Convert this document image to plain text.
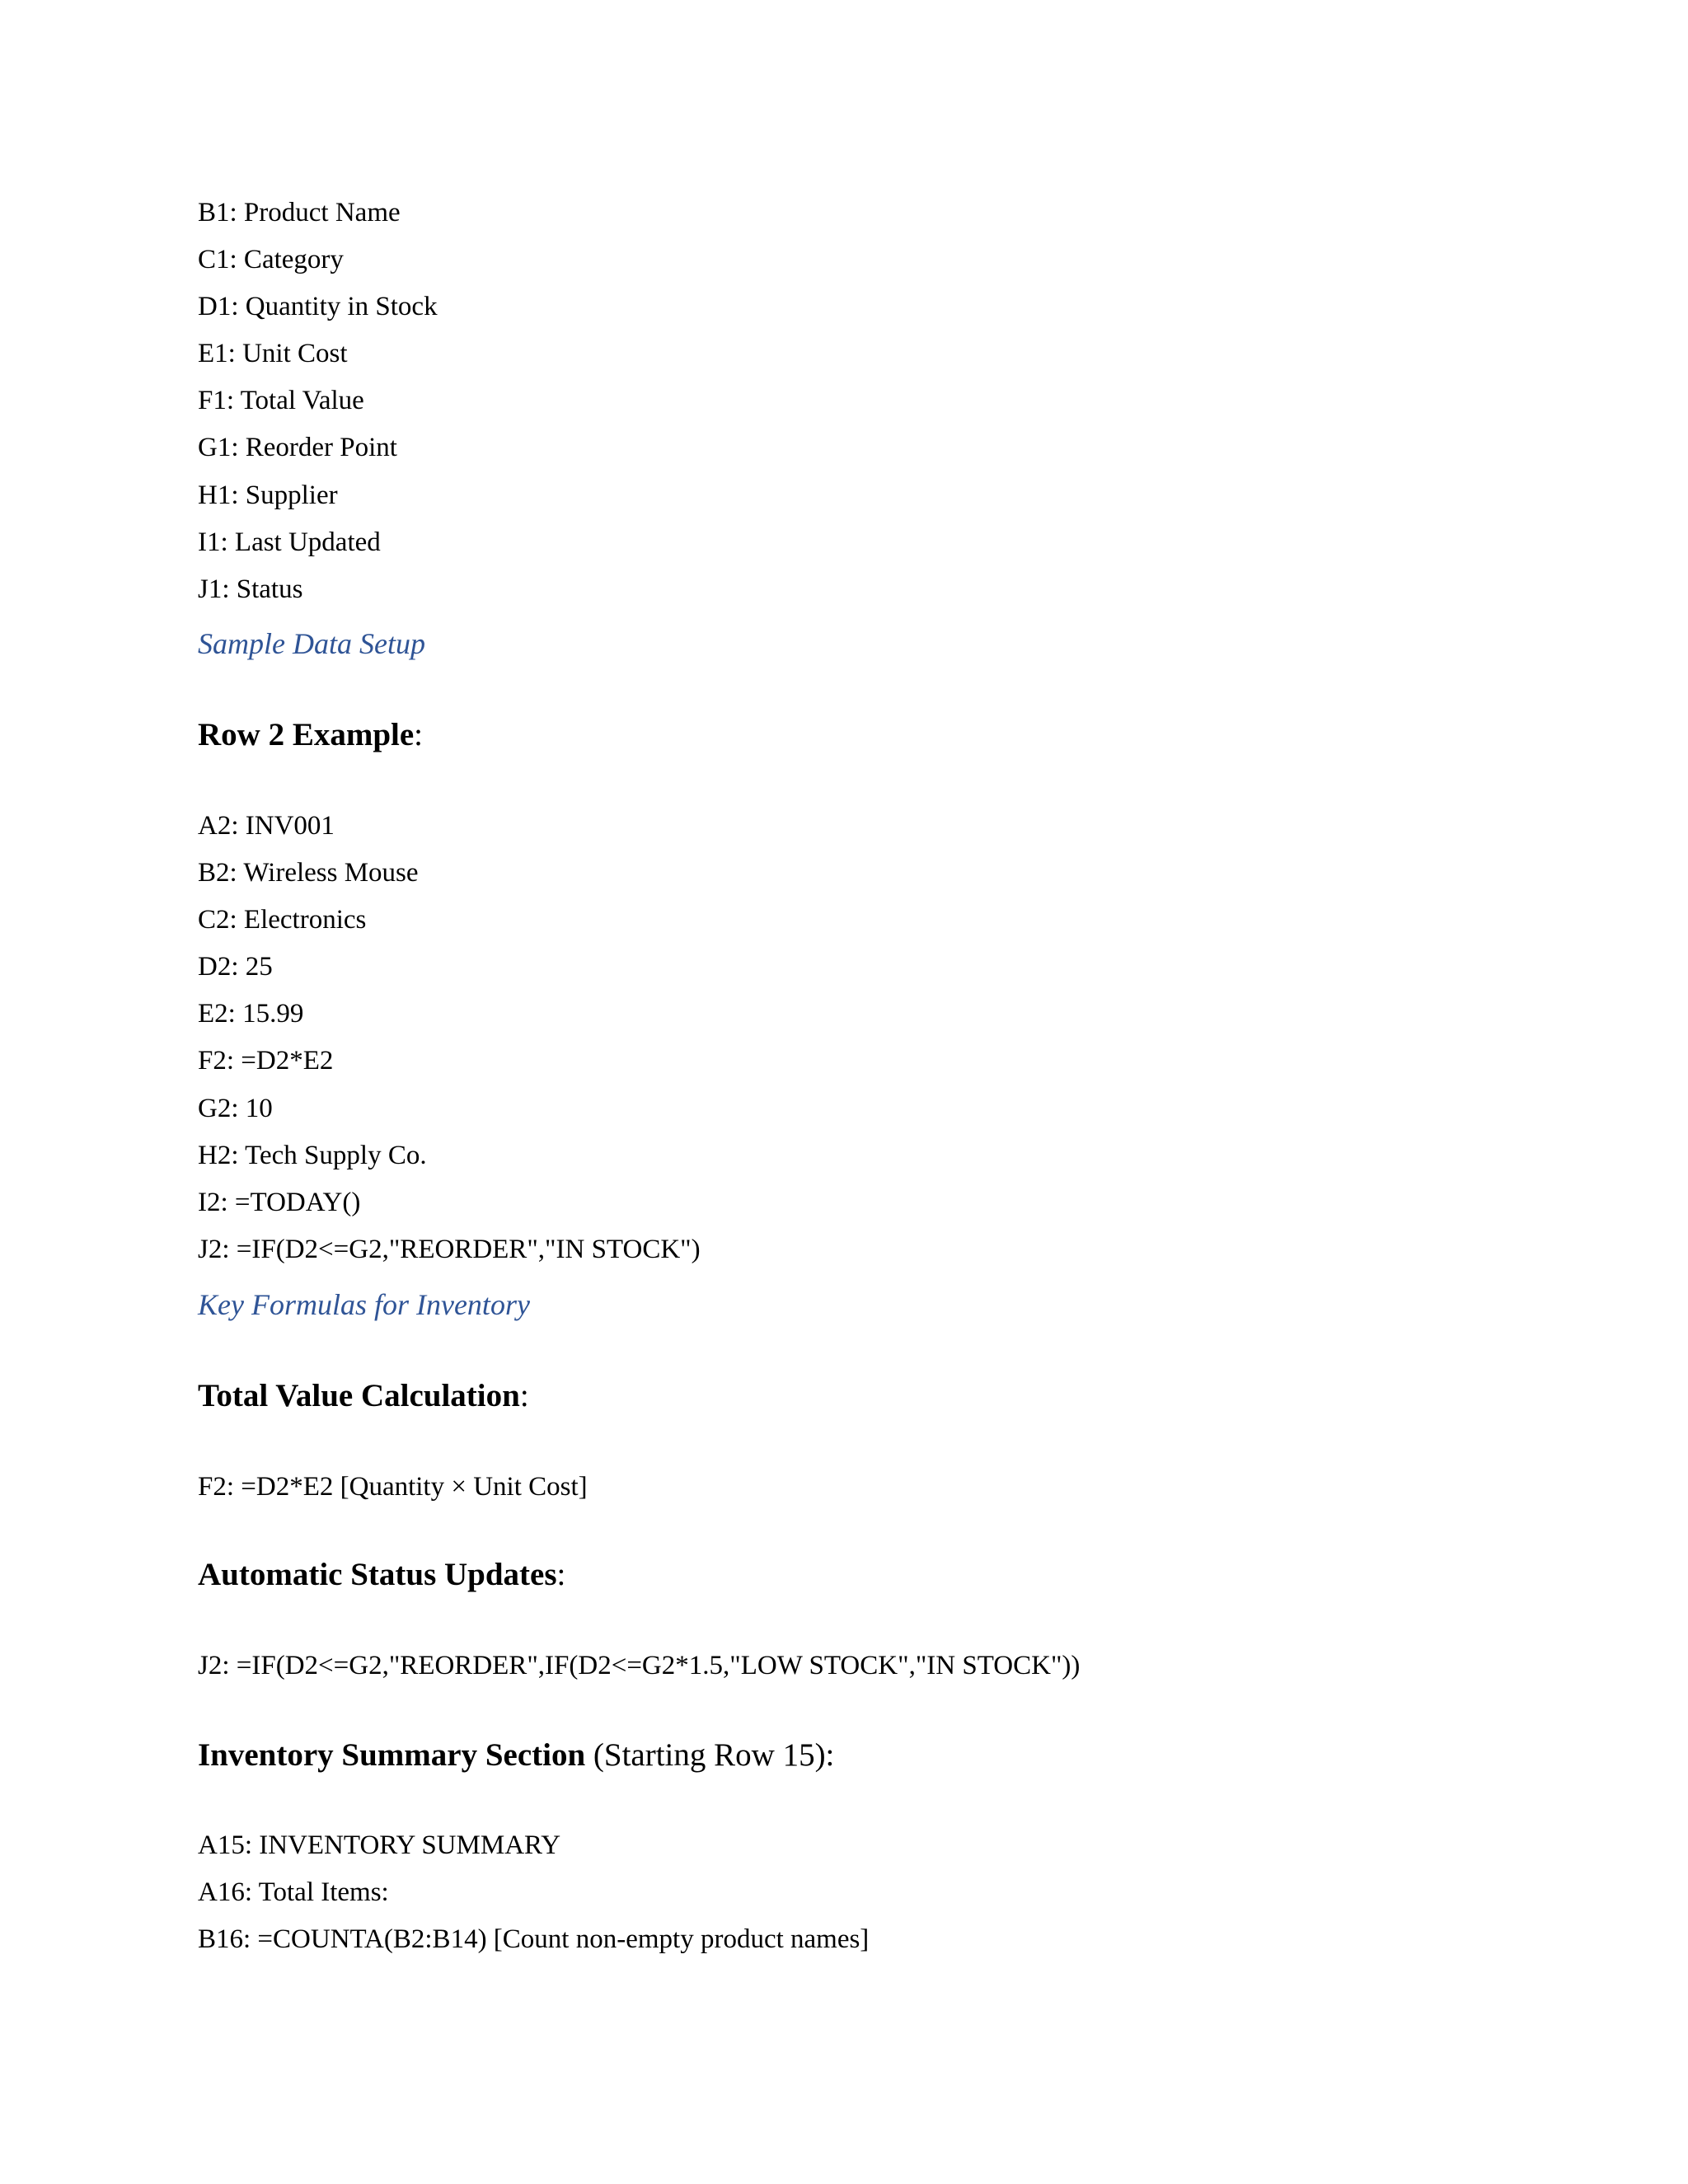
B1: Product Name
C1: Category
D1: Quantity in Stock
E1: Unit Cost
F1: Total Value
G1: Reorder Point
H1: Supplier
I1: Last Updated
J1: Status
Sample Data Setup
Row 2 Example:
A2: INV001
B2: Wireless Mouse
C2: Electronics
D2: 25
E2: 15.99
F2: =D2*E2
G2: 10
H2: Tech Supply Co.
I2: =TODAY()
J2: =IF(D2<=G2,"REORDER","IN STOCK")
Key Formulas for Inventory
Total Value Calculation:
F2: =D2*E2 [Quantity × Unit Cost]
Automatic Status Updates:
J2: =IF(D2<=G2,"REORDER",IF(D2<=G2*1.5,"LOW STOCK","IN STOCK"))
Inventory Summary Section (Starting Row 15):
A15: INVENTORY SUMMARY
A16: Total Items:
B16: =COUNTA(B2:B14) [Count non-empty product names]
